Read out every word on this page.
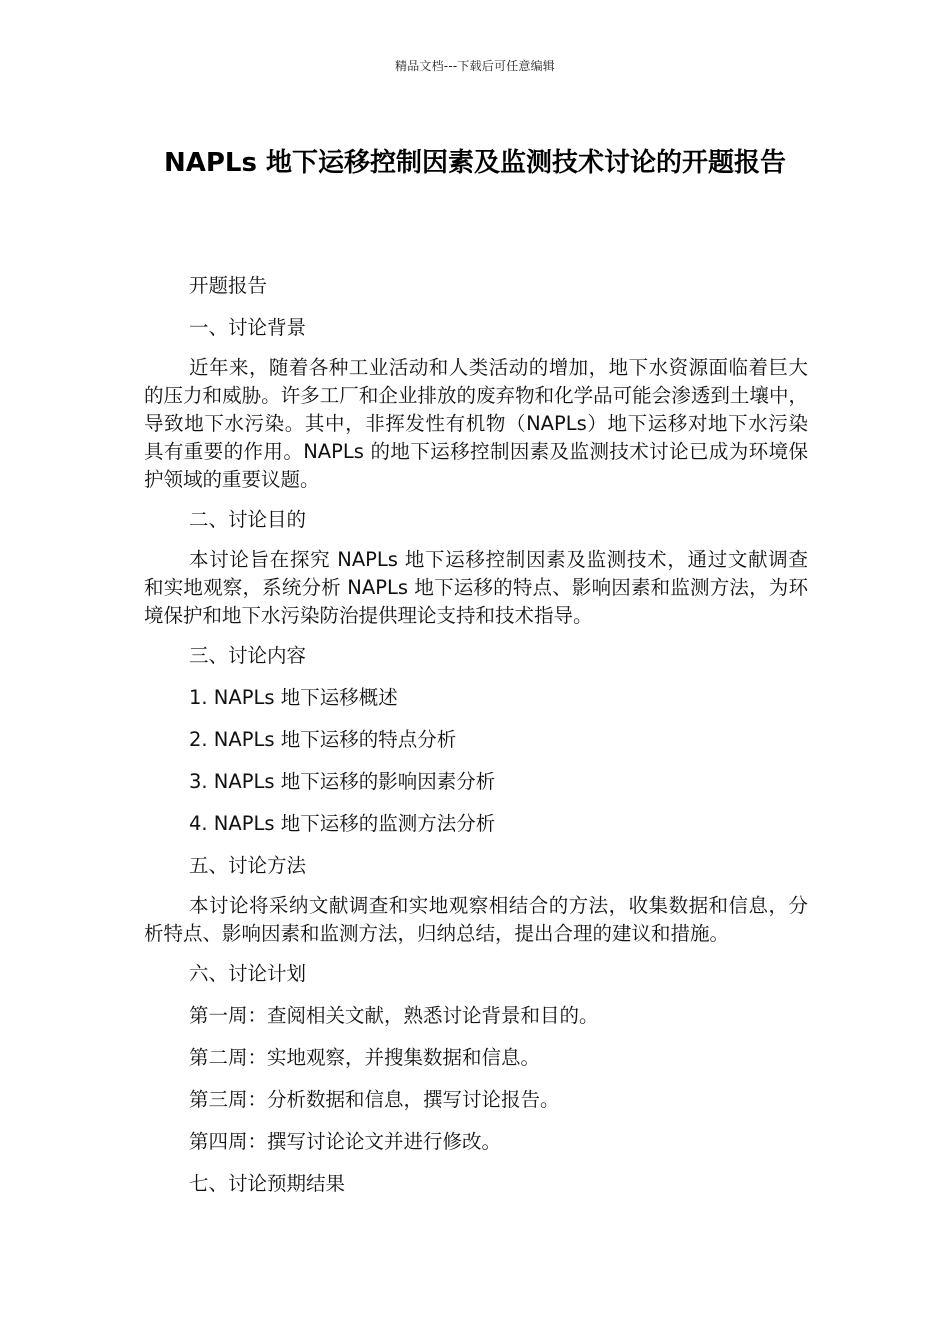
精品文档---下载后可任意编辑
NAPLs 地下运移控制因素及监测技术讨论的开题报告
开题报告
一、讨论背景

近年来，随着各种工业活动和人类活动的增加，地下水资源面临着巨大的压力和威胁。许多工厂和企业排放的废弃物和化学品可能会渗透到土壤中，导致地下水污染。其中，非挥发性有机物（NAPLs）地下运移对地下水污染具有重要的作用。NAPLs 的地下运移控制因素及监测技术讨论已成为环境保护领域的重要议题。

二、讨论目的

本讨论旨在探究 NAPLs 地下运移控制因素及监测技术，通过文献调查和实地观察，系统分析 NAPLs 地下运移的特点、影响因素和监测方法，为环境保护和地下水污染防治提供理论支持和技术指导。

三、讨论内容
1. NAPLs 地下运移概述
2. NAPLs 地下运移的特点分析
3. NAPLs 地下运移的影响因素分析
4. NAPLs 地下运移的监测方法分析
五、讨论方法

本讨论将采纳文献调查和实地观察相结合的方法，收集数据和信息，分析特点、影响因素和监测方法，归纳总结，提出合理的建议和措施。

六、讨论计划
第一周：查阅相关文献，熟悉讨论背景和目的。
第二周：实地观察，并搜集数据和信息。
第三周：分析数据和信息，撰写讨论报告。
第四周：撰写讨论论文并进行修改。
七、讨论预期结果
